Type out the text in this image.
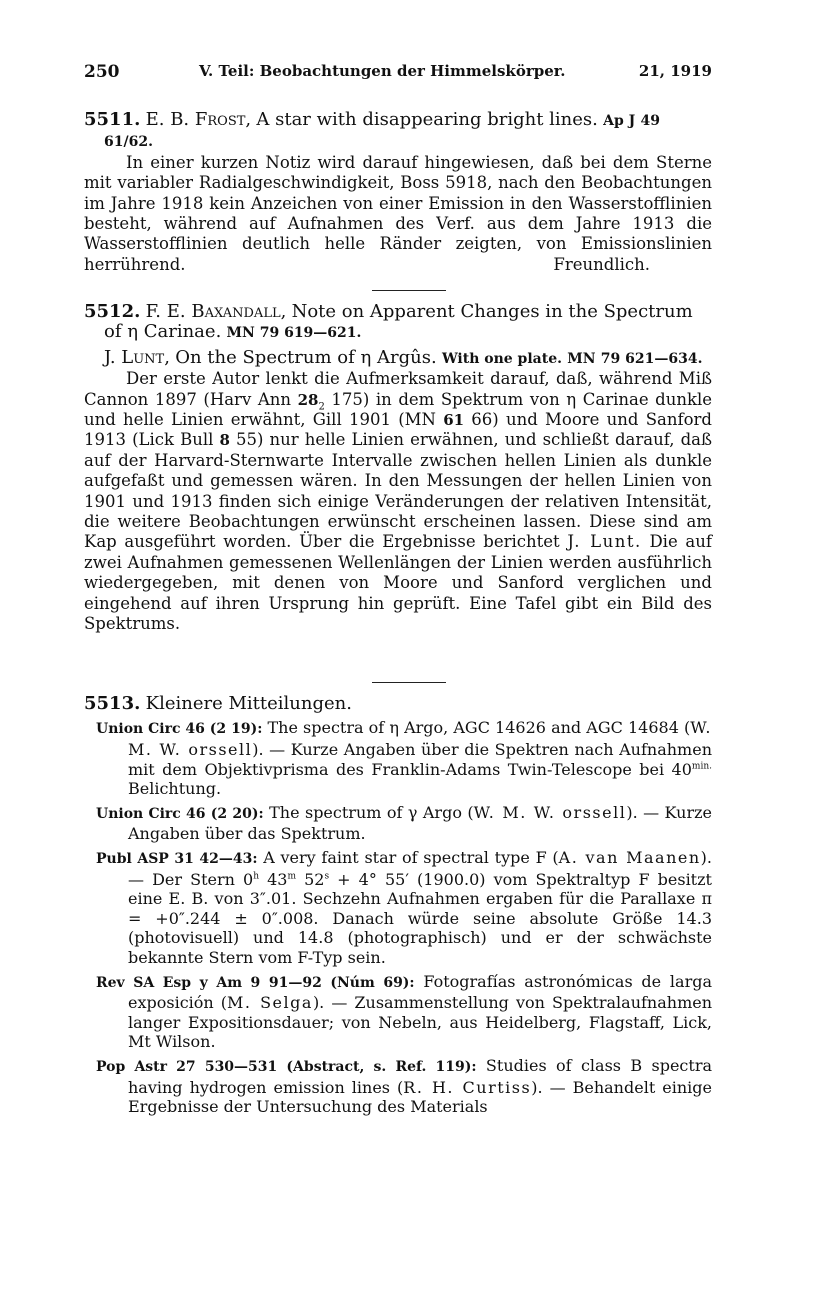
250	V. Teil: Beobachtungen der Himmelskörper.	21, 1919

5511. E. B. Frost, A star with disappearing bright lines. Ap J 49 61/62.

In einer kurzen Notiz wird darauf hingewiesen, daß bei dem Sterne mit variabler Radialgeschwindigkeit, Boss 5918, nach den Beobachtungen im Jahre 1918 kein Anzeichen von einer Emission in den Wasserstofflinien besteht, während auf Aufnahmen des Verf. aus dem Jahre 1913 die Wasserstofflinien deutlich helle Ränder zeigten, von Emissionslinien herrührend.	Freundlich.

5512. F. E. Baxandall, Note on Apparent Changes in the Spectrum of η Carinae. MN 79 619—621.

J. Lunt, On the Spectrum of η Argûs. With one plate. MN 79 621—634.

Der erste Autor lenkt die Aufmerksamkeit darauf, daß, während Miß Cannon 1897 (Harv Ann $28_2$ 175) in dem Spektrum von η Carinae dunkle und helle Linien erwähnt, Gill 1901 (MN 61 66) und Moore und Sanford 1913 (Lick Bull 8 55) nur helle Linien erwähnen, und schließt darauf, daß auf der Harvard-Sternwarte Intervalle zwischen hellen Linien als dunkle aufgefaßt und gemessen wären. In den Messungen der hellen Linien von 1901 und 1913 finden sich einige Veränderungen der relativen Intensität, die weitere Beobachtungen erwünscht erscheinen lassen. Diese sind am Kap ausgeführt worden. Über die Ergebnisse berichtet J. Lunt. Die auf zwei Aufnahmen gemessenen Wellenlängen der Linien werden ausführlich wiedergegeben, mit denen von Moore und Sanford verglichen und eingehend auf ihren Ursprung hin geprüft. Eine Tafel gibt ein Bild des Spektrums.

5513. Kleinere Mitteilungen.

Union Circ 46 (2 19): The spectra of η Argo, AGC 14626 and AGC 14684 (W. M. W. orssell). — Kurze Angaben über die Spektren nach Aufnahmen mit dem Objektivprisma des Franklin-Adams Twin-Telescope bei $40^{min.}$ Belichtung.

Union Circ 46 (2 20): The spectrum of γ Argo (W. M. W. orssell). — Kurze Angaben über das Spektrum.

Publ ASP 31 42—43: A very faint star of spectral type F (A. van Maanen). — Der Stern 0$^h$ 43$^m$ $52^s + 4^\circ$ 55′ (1900.0) vom Spektraltyp F besitzt eine E. B. von 3″.01. Sechzehn Aufnahmen ergaben für die Parallaxe π = +0″.244 ± 0″.008. Danach würde seine absolute Größe 14.3 (photovisuell) und 14.8 (photographisch) und er der schwächste bekannte Stern vom F-Typ sein.

Rev SA Esp y Am 9 91—92 (Núm 69): Fotografías astronómicas de larga exposición (M. Selga). — Zusammenstellung von Spektralaufnahmen langer Expositionsdauer; von Nebeln, aus Heidelberg, Flagstaff, Lick, Mt Wilson.

Pop Astr 27 530—531 (Abstract, s. Ref. 119): Studies of class B spectra having hydrogen emission lines (R. H. Curtiss). — Behandelt einige Ergebnisse der Untersuchung des Materials
